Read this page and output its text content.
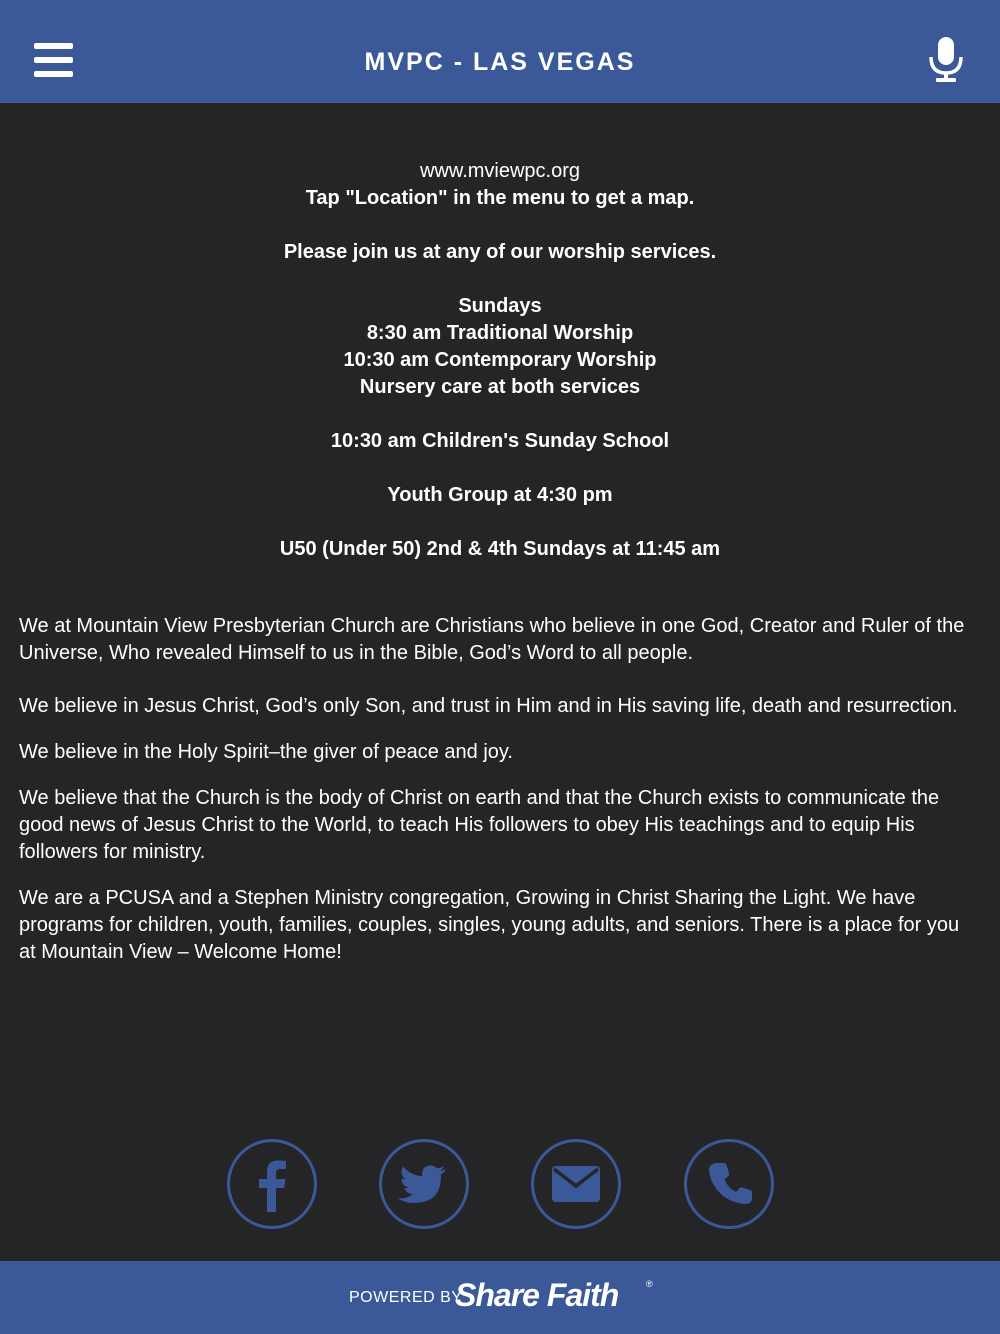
MVPC - LAS VEGAS
www.mviewpc.org
Tap "Location" in the menu to get a map.
Please join us at any of our worship services.
Sundays
8:30 am Traditional Worship
10:30 am Contemporary Worship
Nursery care at both services
10:30 am Children's Sunday School
Youth Group at 4:30 pm
U50 (Under 50) 2nd & 4th Sundays at 11:45 am

We at Mountain View Presbyterian Church are Christians who believe in one God, Creator and Ruler of the Universe, Who revealed Himself to us in the Bible, God’s Word to all people.

We believe in Jesus Christ, God’s only Son, and trust in Him and in His saving life, death and resurrection.

We believe in the Holy Spirit–the giver of peace and joy.

We believe that the Church is the body of Christ on earth and that the Church exists to communicate the good news of Jesus Christ to the World, to teach His followers to obey His teachings and to equip His followers for ministry.

We are a PCUSA and a Stephen Ministry congregation, Growing in Christ Sharing the Light. We have programs for children, youth, families, couples, singles, young adults, and seniors. There is a place for you at Mountain View – Welcome Home!

POWERED BY
Share Faith	®
